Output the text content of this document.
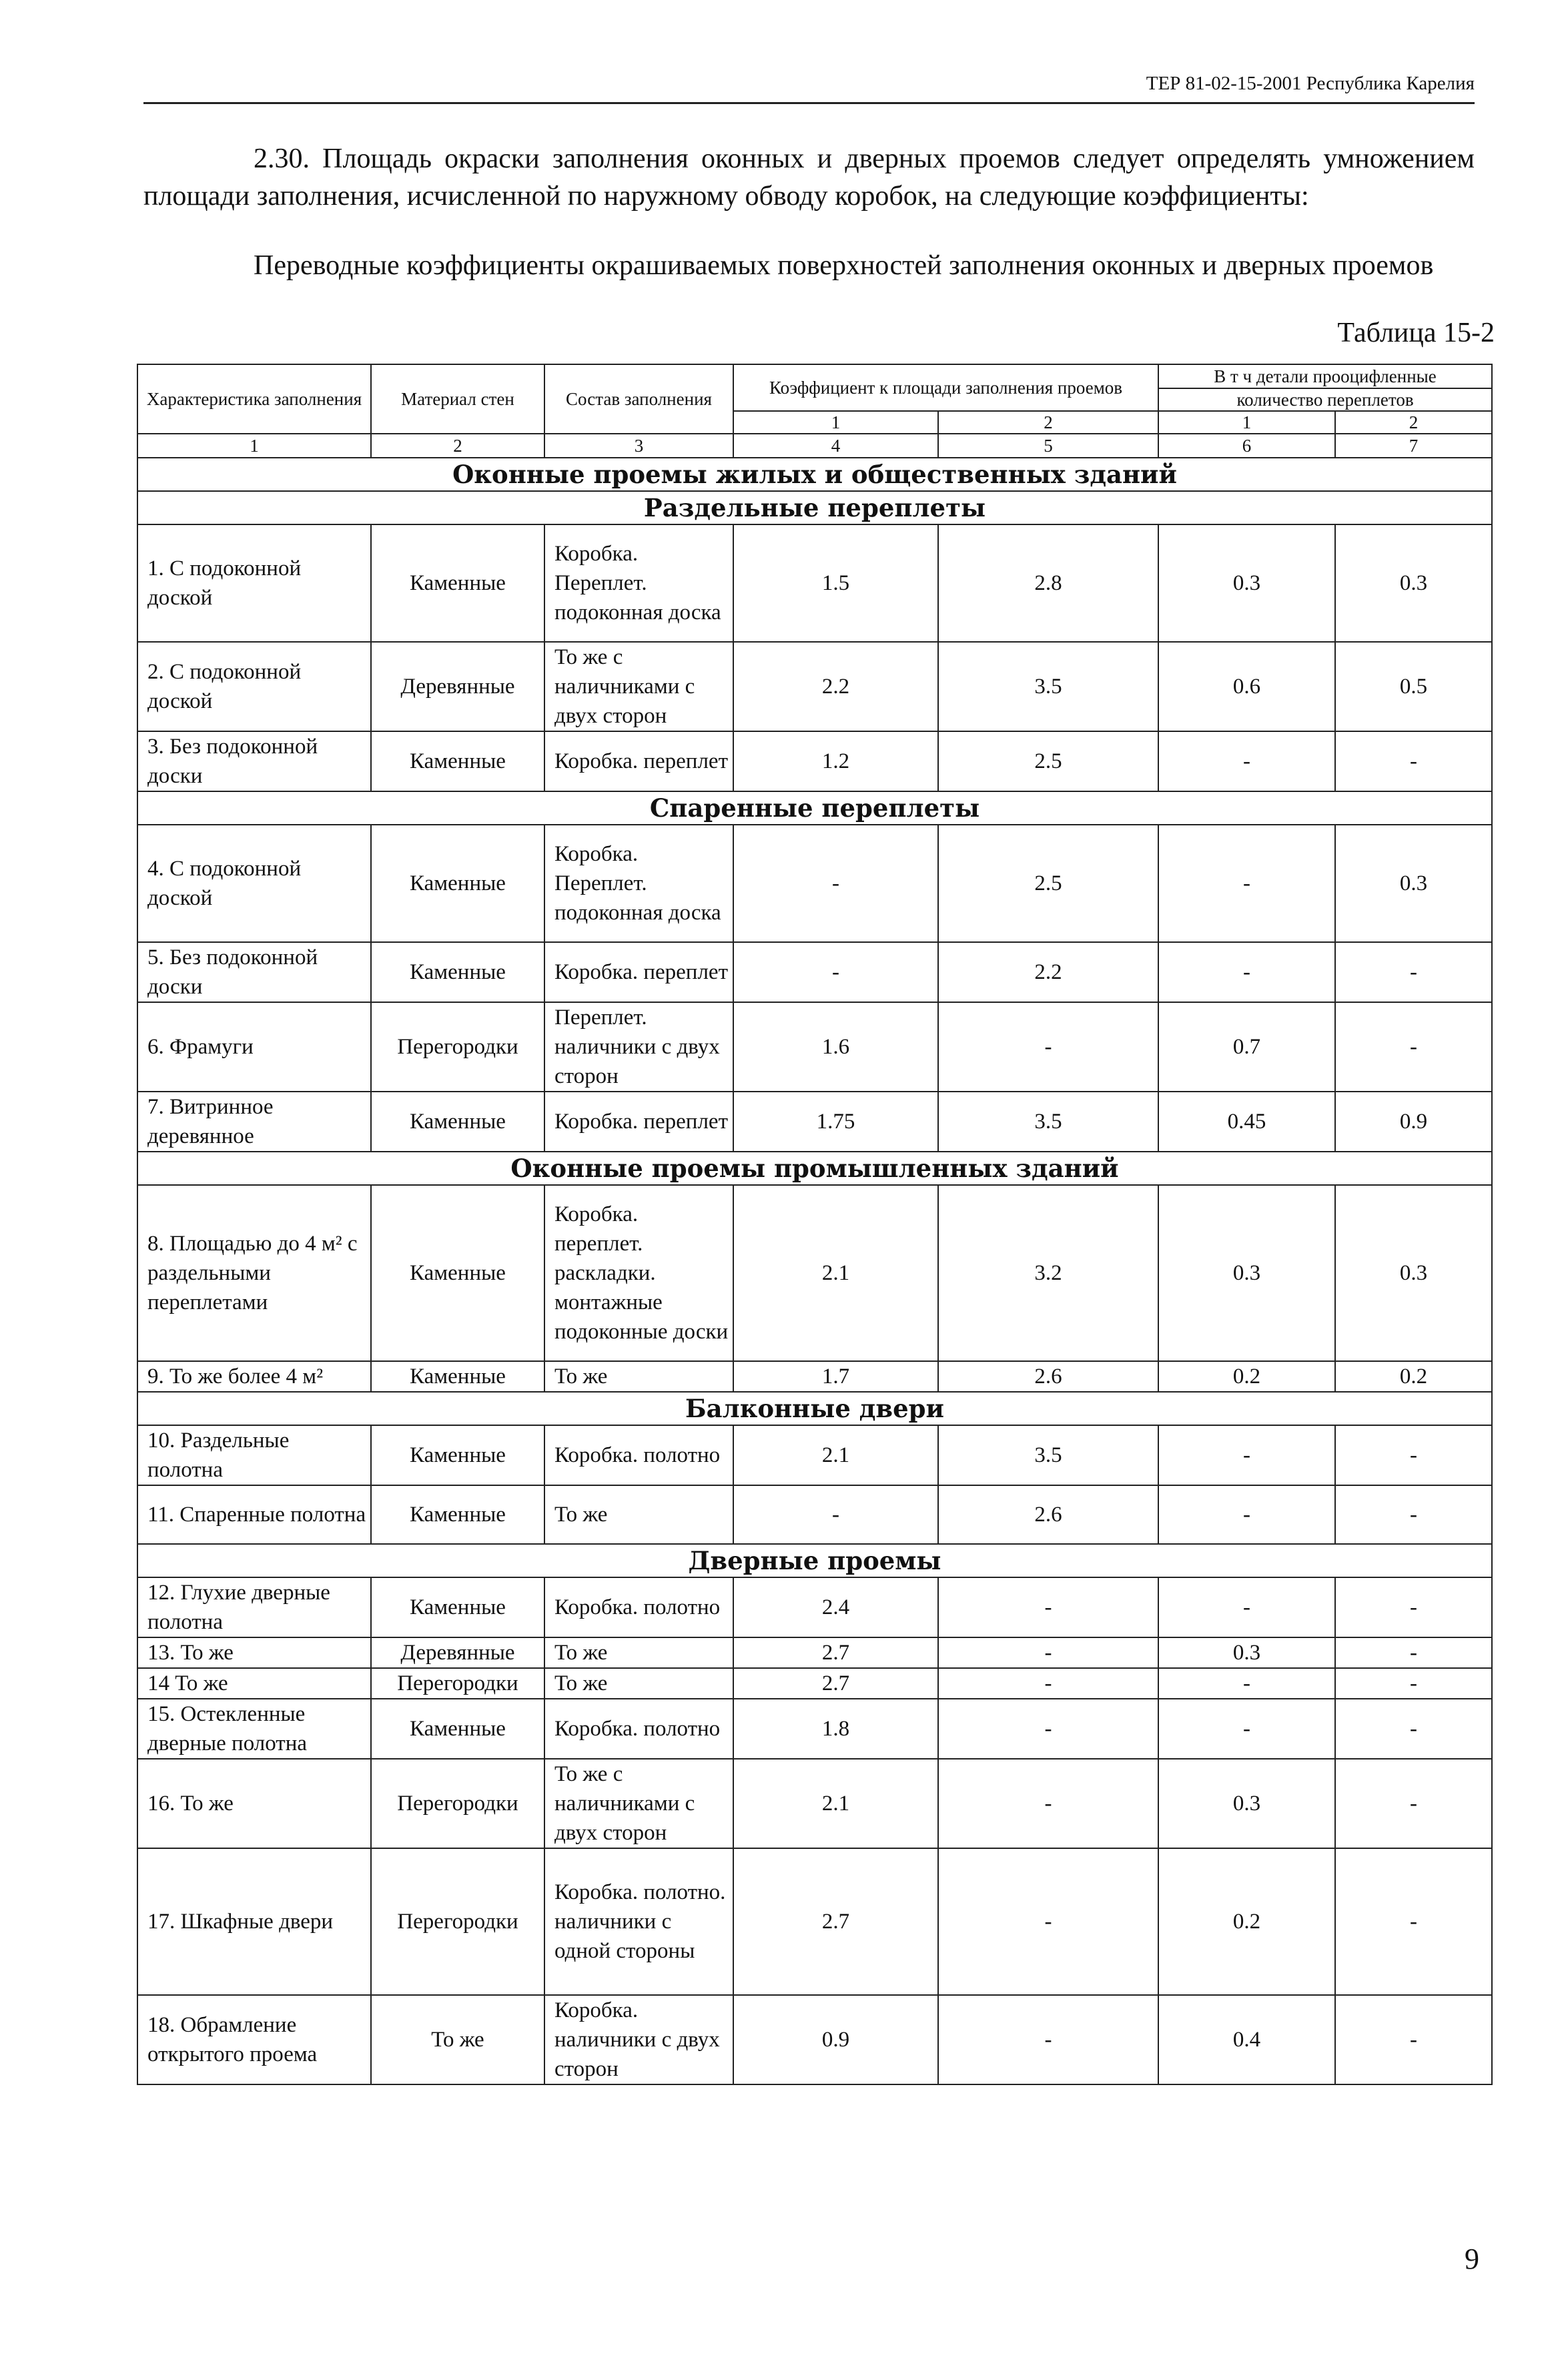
ТЕР 81-02-15-2001 Республика Карелия

2.30. Площадь окраски заполнения оконных и дверных проемов следует определять умножением площади заполнения, исчисленной по наружному обводу коробок, на следующие коэффициенты:

Переводные коэффициенты окрашиваемых поверхностей заполнения оконных и дверных проемов

Таблица 15-2
Характеристика заполнения	Материал стен	Состав заполнения	Коэффициент к площади заполнения проемов		В т ч детали прооцифленные	
					количество переплетов	
			1	2	1	2
1	2	3	4	5	6	7
Оконные проемы жилых и общественных зданий						
Раздельные переплеты						
1. С подоконной доской	Каменные	Коробка. Переплет. подоконная доска	1.5	2.8	0.3	0.3
2. С подоконной доской	Деревянные	То же с наличниками с двух сторон	2.2	3.5	0.6	0.5
3. Без подоконной доски	Каменные	Коробка. переплет	1.2	2.5	-	-
Спаренные переплеты						
4. С подоконной доской	Каменные	Коробка. Переплет. подоконная доска	-	2.5	-	0.3
5. Без подоконной доски	Каменные	Коробка. переплет	-	2.2	-	-
6. Фрамуги	Перегородки	Переплет. наличники с двух сторон	1.6	-	0.7	-
7. Витринное деревянное	Каменные	Коробка. переплет	1.75	3.5	0.45	0.9
Оконные проемы промышленных зданий						
8. Площадью до 4 м² с раздельными переплетами	Каменные	Коробка. переплет. раскладки. монтажные подоконные доски	2.1	3.2	0.3	0.3
9. То же более 4 м²	Каменные	То же	1.7	2.6	0.2	0.2
Балконные двери						
10. Раздельные полотна	Каменные	Коробка. полотно	2.1	3.5	-	-
11. Спаренные полотна	Каменные	То же	-	2.6	-	-
Дверные проемы						
12. Глухие дверные полотна	Каменные	Коробка. полотно	2.4	-	-	-
13. То же	Деревянные	То же	2.7	-	0.3	-
14 То же	Перегородки	То же	2.7	-	-	-
15. Остекленные дверные полотна	Каменные	Коробка. полотно	1.8	-	-	-
16. То же	Перегородки	То же с наличниками с двух сторон	2.1	-	0.3	-
17. Шкафные двери	Перегородки	Коробка. полотно. наличники с одной стороны	2.7	-	0.2	-
18. Обрамление открытого проема	То же	Коробка. наличники с двух сторон	0.9	-	0.4	-
9
